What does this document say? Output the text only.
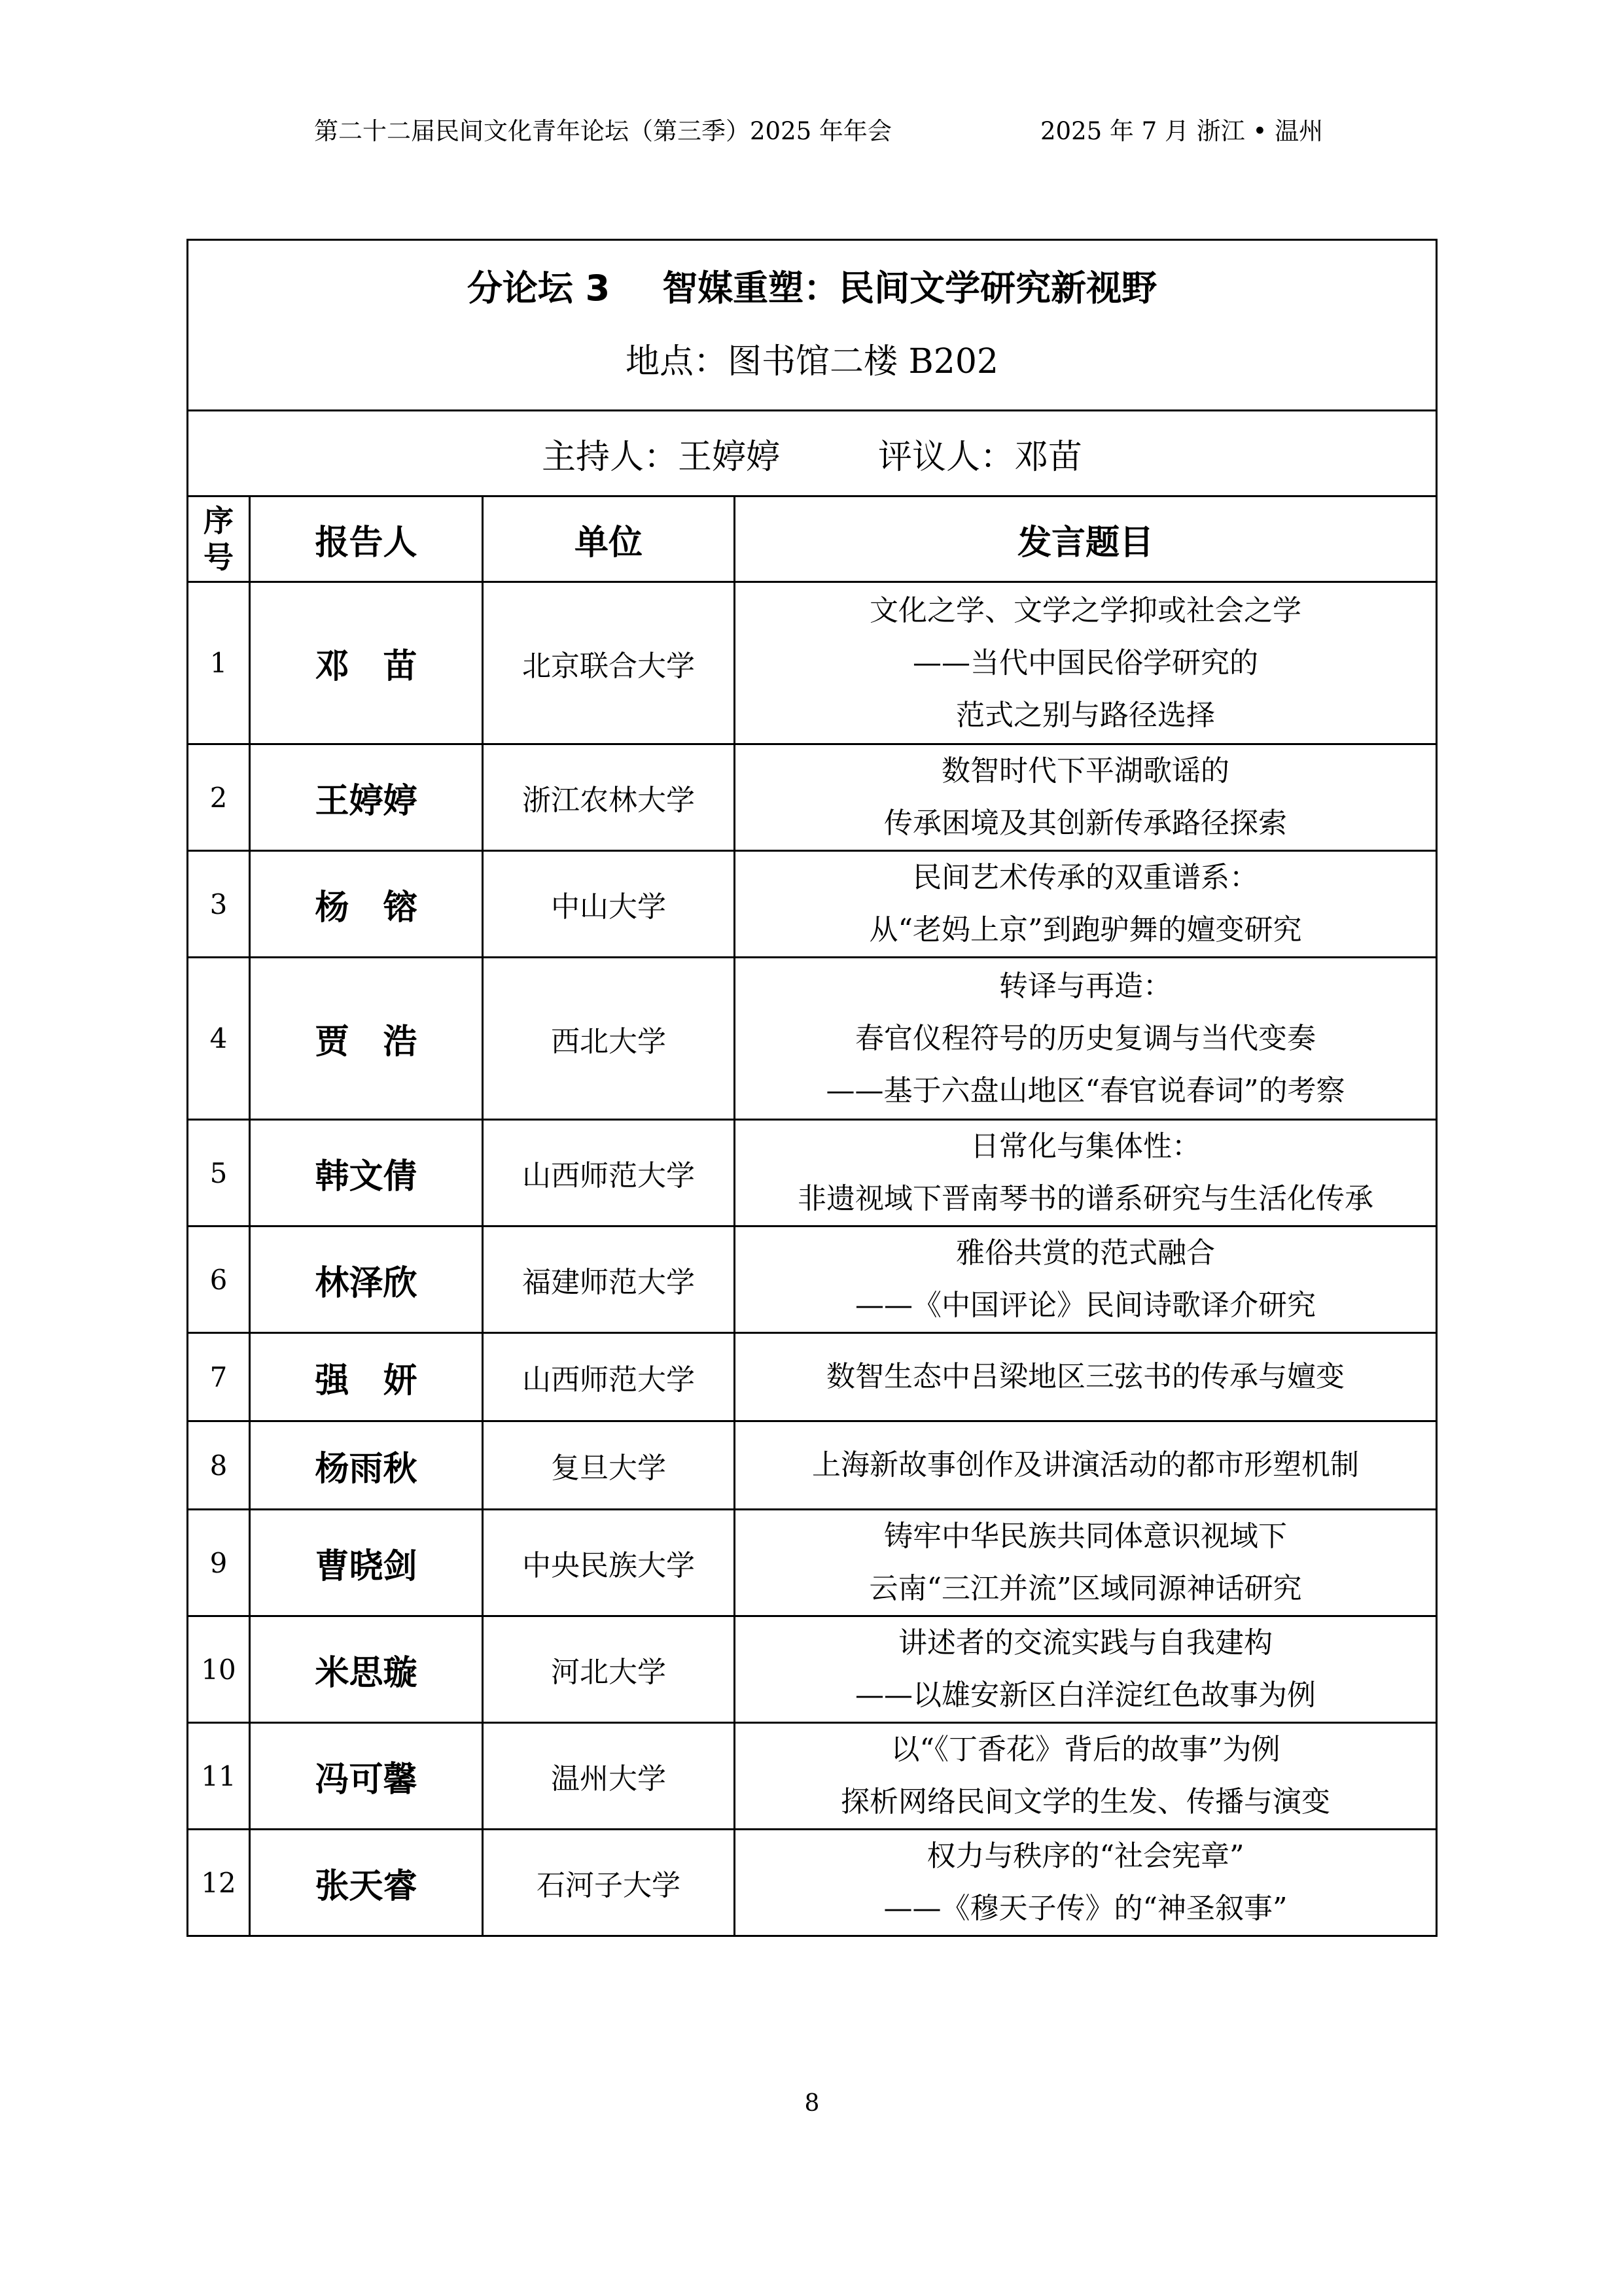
第二十二届民间文化青年论坛（第三季）2025 年年会	2025 年 7 月 浙江 • 温州
分论坛 3 智媒重塑：民间文学研究新视野
地点：图书馆二楼 B202			

主持人：王婷婷 评议人：邓苗			

序
号	报告人	单位	发言题目
1	邓　苗	北京联合大学	文化之学、文学之学抑或社会之学
——当代中国民俗学研究的
范式之别与路径选择

2	王婷婷	浙江农林大学	数智时代下平湖歌谣的
传承困境及其创新传承路径探索

3	杨　镕	中山大学	民间艺术传承的双重谱系：
从“老妈上京”到跑驴舞的嬗变研究

4	贾　浩	西北大学	转译与再造：
春官仪程符号的历史复调与当代变奏
——基于六盘山地区“春官说春词”的考察

5	韩文倩	山西师范大学	日常化与集体性：
非遗视域下晋南琴书的谱系研究与生活化传承

6	林泽欣	福建师范大学	雅俗共赏的范式融合
——《中国评论》民间诗歌译介研究

7	强　妍	山西师范大学	数智生态中吕梁地区三弦书的传承与嬗变

8	杨雨秋	复旦大学	上海新故事创作及讲演活动的都市形塑机制

9	曹晓剑	中央民族大学	铸牢中华民族共同体意识视域下
云南“三江并流”区域同源神话研究

10	米思璇	河北大学	讲述者的交流实践与自我建构
——以雄安新区白洋淀红色故事为例

11	冯可馨	温州大学	以“《丁香花》背后的故事”为例
探析网络民间文学的生发、传播与演变

12	张天睿	石河子大学	权力与秩序的“社会宪章”
——《穆天子传》的“神圣叙事”
8
